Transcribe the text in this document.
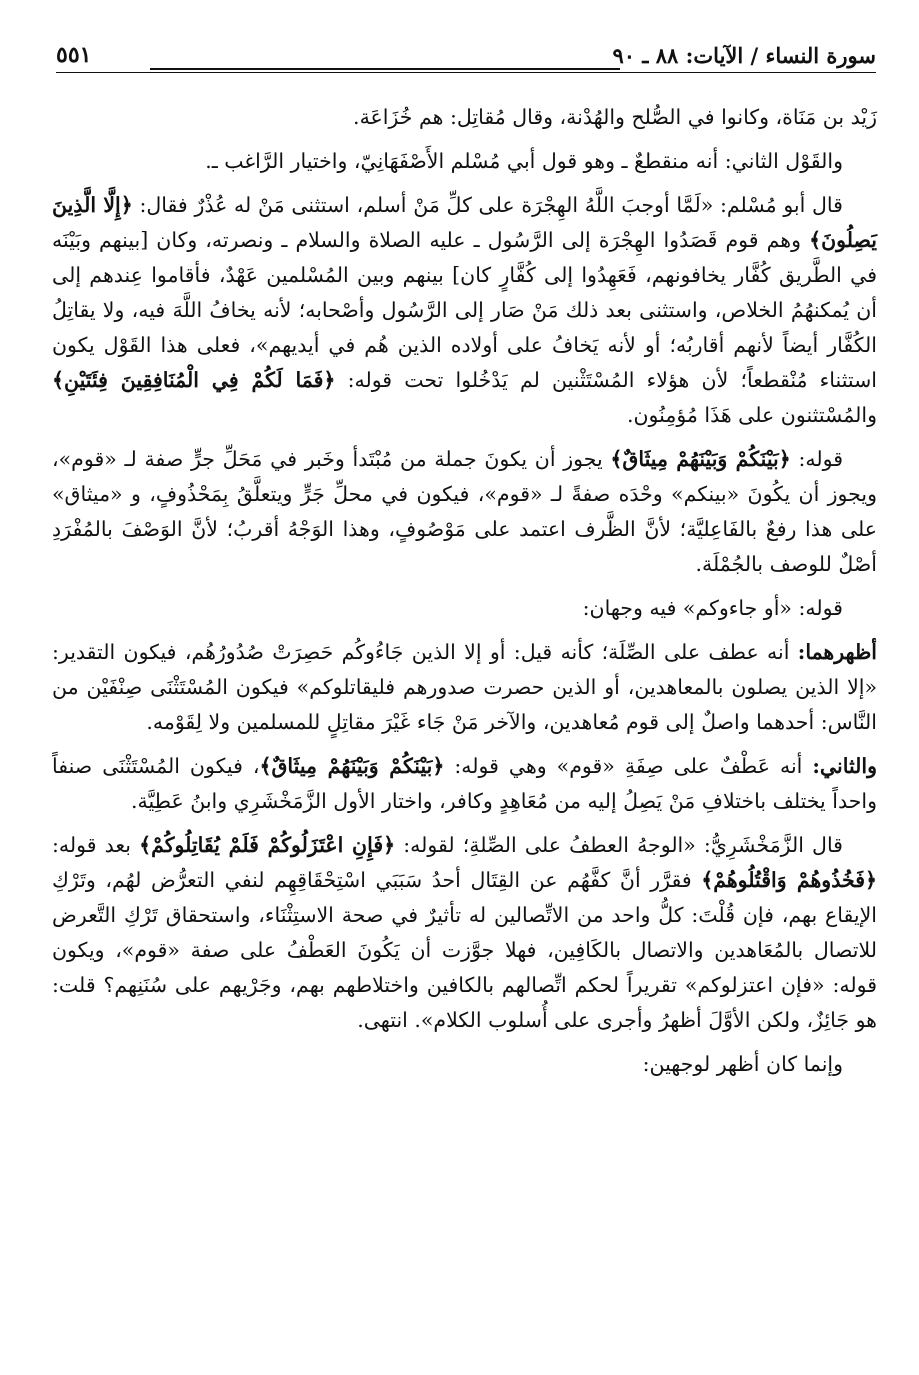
سورة النساء / الآيات: ٨٨ ـ ٩٠
٥٥١

زَيْد بن مَنَاة، وكانوا في الصُّلح والهُدْنة، وقال مُقاتِل: هم خُزَاعَة.

والقَوْل الثاني: أنه منقطعٌ ـ وهو قول أبي مُسْلم الأَصْفَهَانِيّ، واختيار الرَّاغب ـ.

قال أبو مُسْلم: «لَمَّا أوجبَ اللَّهُ الهِجْرَة على كلِّ مَنْ أسلم، استثنى مَنْ له عُذْرٌ فقال: ﴿إِلَّا الَّذِينَ يَصِلُونَ﴾ وهم قوم قَصَدُوا الهِجْرَة إلى الرَّسُول ـ عليه الصلاة والسلام ـ ونصرته، وكان [بينهم وبَيْنَه في الطَّريق كُفَّار يخافونهم، فَعَهِدُوا إلى كُفَّارٍ كان] بينهم وبين المُسْلمين عَهْدٌ، فأقاموا عِندهم إلى أن يُمكنهُمُ الخلاص، واستثنى بعد ذلك مَنْ صَار إلى الرَّسُول وأصْحابه؛ لأنه يخافُ اللَّهَ فيه، ولا يقاتِلُ الكُفَّار أيضاً لأنهم أقاربُه؛ أو لأنه يَخافُ على أولاده الذين هُم في أيديهم»، فعلى هذا القَوْل يكون استثناء مُنْقطعاً؛ لأن هؤلاء المُسْتَثْنين لم يَدْخُلوا تحت قوله: ﴿فَمَا لَكُمْ فِي الْمُنَافِقِينَ فِئَتَيْنِ﴾ والمُسْتثنون على هَذَا مُؤمِنُون.

قوله: ﴿بَيْنَكُمْ وَبَيْنَهُمْ مِيثَاقٌ﴾ يجوز أن يكونَ جملة من مُبْتَدأ وخَبر في مَحَلِّ جرٍّ صفة لـ «قوم»، ويجوز أن يكُونَ «بينكم» وحْدَه صفةً لـ «قوم»، فيكون في محلِّ جَرٍّ ويتعلَّقُ بِمَحْذُوفٍ، و «ميثاق» على هذا رفعٌ بالفَاعِليَّة؛ لأنَّ الظَّرف اعتمد على مَوْصُوفٍ، وهذا الوَجْهُ أقربُ؛ لأنَّ الوَصْفَ بالمُفْرَدِ أصْلٌ للوصف بالجُمْلَة.

قوله: «أو جاءوكم» فيه وجهان:

أظهرهما: أنه عطف على الصِّلَة؛ كأنه قيل: أو إلا الذين جَاءُوكُم حَصِرَتْ صُدُورُهُم، فيكون التقدير: «إلا الذين يصلون بالمعاهدين، أو الذين حصرت صدورهم فليقاتلوكم» فيكون المُسْتَثْنَى صِنْفَيْن من النَّاس: أحدهما واصلٌ إلى قوم مُعاهدين، والآخر مَنْ جَاء غَيْرَ مقاتِلٍ للمسلمين ولا لِقَوْمه.

والثاني: أنه عَطْفٌ على صِفَةِ «قوم» وهي قوله: ﴿بَيْنَكُمْ وَبَيْنَهُمْ مِيثَاقٌ﴾، فيكون المُسْتَثْنَى صنفاً واحداً يختلف باختلافِ مَنْ يَصِلُ إليه من مُعَاهِدٍ وكافر، واختار الأول الزَّمَخْشَرِي وابنُ عَطِيَّة.

قال الزَّمَخْشَرِيُّ: «الوجهُ العطفُ على الصِّلةِ؛ لقوله: ﴿فَإِنِ اعْتَزَلُوكُمْ فَلَمْ يُقَاتِلُوكُمْ﴾ بعد قوله: ﴿فَخُذُوهُمْ وَاقْتُلُوهُمْ﴾ فقرَّر أنَّ كفَّهُم عن القِتَال أحدُ سَبَبَي اسْتِحْقَاقِهِم لنفي التعرُّض لهُم، وتَرْكِ الإيقاع بهم، فإن قُلْتَ: كلُّ واحد من الاتِّصالين له تأثيرٌ في صحة الاستِثْنَاء، واستحقاق تَرْكِ التَّعرض للاتصال بالمُعَاهدين والاتصال بالكَافِين، فهلا جوَّزت أن يَكُونَ العَطْفُ على صفة «قوم»، ويكون قوله: «فإن اعتزلوكم» تقريراً لحكم اتِّصالهم بالكافين واختلاطهم بهم، وجَرْيهم على سُنَنِهم؟ قلت: هو جَائِزٌ، ولكن الأوَّلَ أظهرُ وأجرى على أُسلوب الكلام». انتهى.

وإنما كان أظهر لوجهين:
